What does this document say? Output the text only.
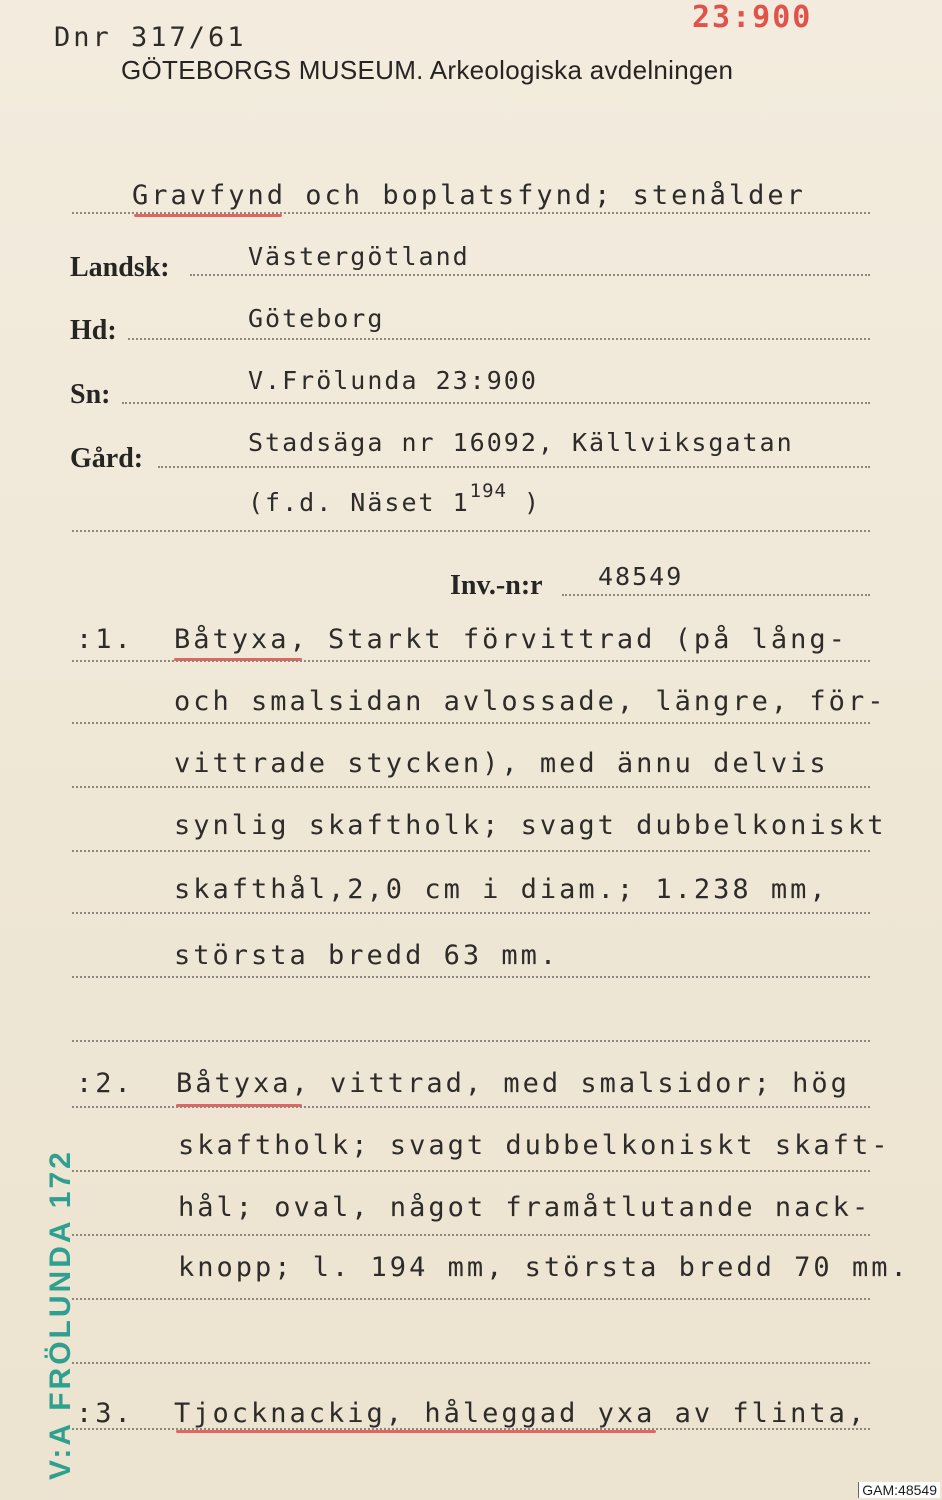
Dnr 317/61
23:900
GÖTEBORGS MUSEUM. Arkeologiska avdelningen
Gravfynd och boplatsfynd; stenålder
Landsk:	Västergötland
Hd:	Göteborg
Sn:	V.Frölunda 23:900
Gård:
Stadsäga nr 16092, Källviksgatan
(f.d. Näset $1^{194}$ )
Inv.-n:r 48549
:1. Båtyxa, Starkt förvittrad (på lång-
och smalsidan avlossade, längre, för-
vittrade stycken), med ännu delvis
synlig skaftholk; svagt dubbelkoniskt
skafthål,2,0 cm i diam.; 1.238 mm,
största bredd 63 mm.
:2. Båtyxa, vittrad, med smalsidor; hög
skaftholk; svagt dubbelkoniskt skaft-
hål; oval, något framåtlutande nack-
knopp; l. 194 mm, största bredd 70 mm.
:3. Tjocknackig, håleggad yxa av flinta,
V:A FRÖLUNDA 172
GAM:48549
